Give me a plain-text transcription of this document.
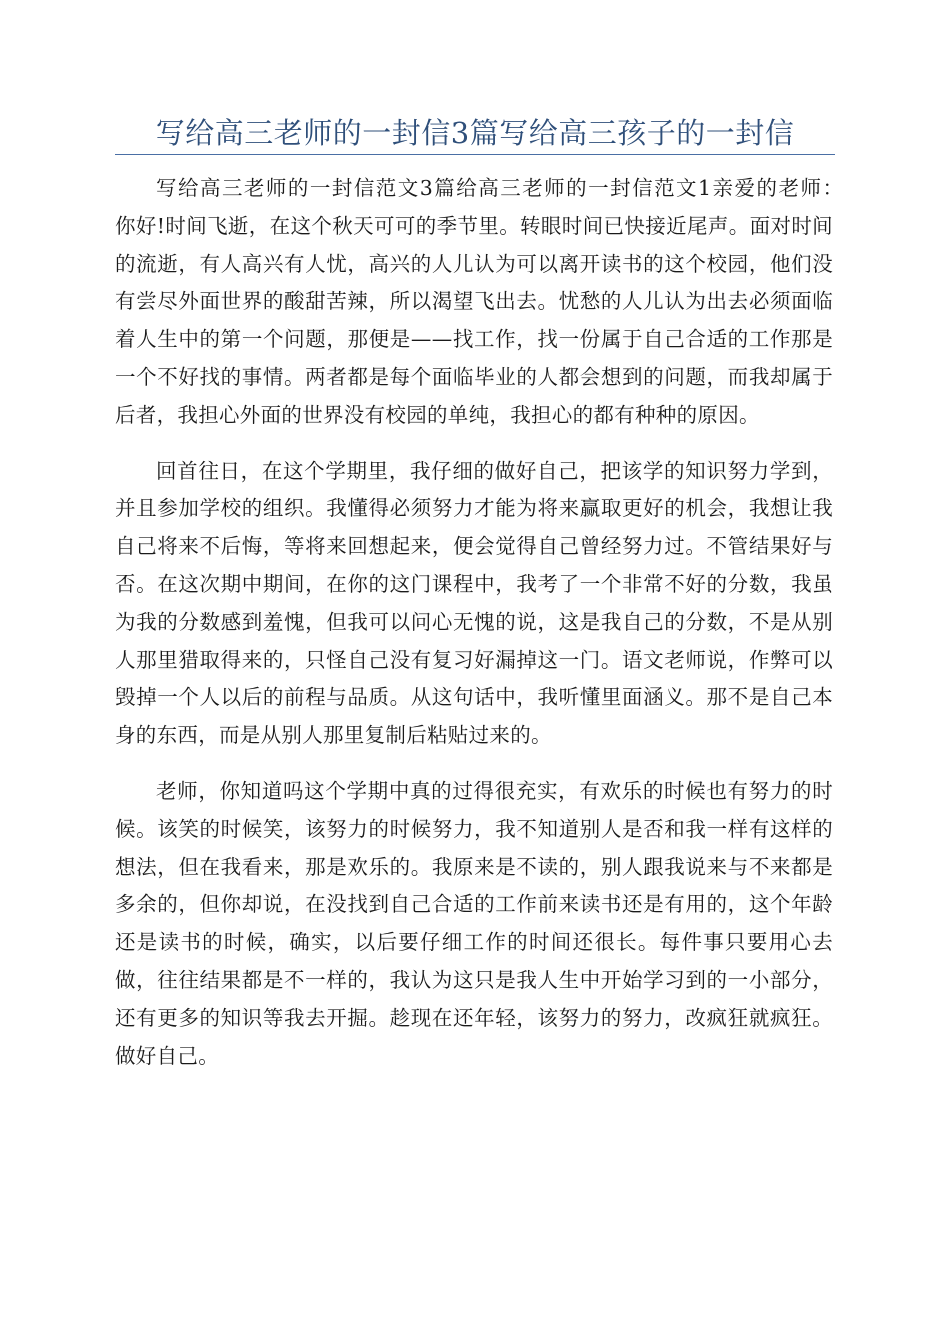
写给高三老师的一封信3篇写给高三孩子的一封信

写给高三老师的一封信范文3篇给高三老师的一封信范文1亲爱的老师：　 你好!时间飞逝，在这个秋天可可的季节里。转眼时间已快接近尾声。面对时间的流逝，有人高兴有人忧，高兴的人儿认为可以离开读书的这个校园，他们没有尝尽外面世界的酸甜苦辣，所以渴望飞出去。忧愁的人儿认为出去必须面临着人生中的第一个问题，那便是——找工作，找一份属于自己合适的工作那是一个不好找的事情。两者都是每个面临毕业的人都会想到的问题，而我却属于后者，我担心外面的世界没有校园的单纯，我担心的都有种种的原因。

回首往日，在这个学期里，我仔细的做好自己，把该学的知识努力学到，并且参加学校的组织。我懂得必须努力才能为将来赢取更好的机会，我想让我自己将来不后悔，等将来回想起来，便会觉得自己曾经努力过。不管结果好与否。在这次期中期间，在你的这门课程中，我考了一个非常不好的分数，我虽为我的分数感到羞愧，但我可以问心无愧的说，这是我自己的分数，不是从别人那里猎取得来的，只怪自己没有复习好漏掉这一门。语文老师说，作弊可以毁掉一个人以后的前程与品质。从这句话中，我听懂里面涵义。那不是自己本身的东西，而是从别人那里复制后粘贴过来的。

老师，你知道吗这个学期中真的过得很充实，有欢乐的时候也有努力的时候。该笑的时候笑，该努力的时候努力，我不知道别人是否和我一样有这样的想法，但在我看来，那是欢乐的。我原来是不读的，别人跟我说来与不来都是多余的，但你却说，在没找到自己合适的工作前来读书还是有用的，这个年龄还是读书的时候，确实，以后要仔细工作的时间还很长。每件事只要用心去做，往往结果都是不一样的，我认为这只是我人生中开始学习到的一小部分，还有更多的知识等我去开掘。趁现在还年轻，该努力的努力，改疯狂就疯狂。做好自己。
